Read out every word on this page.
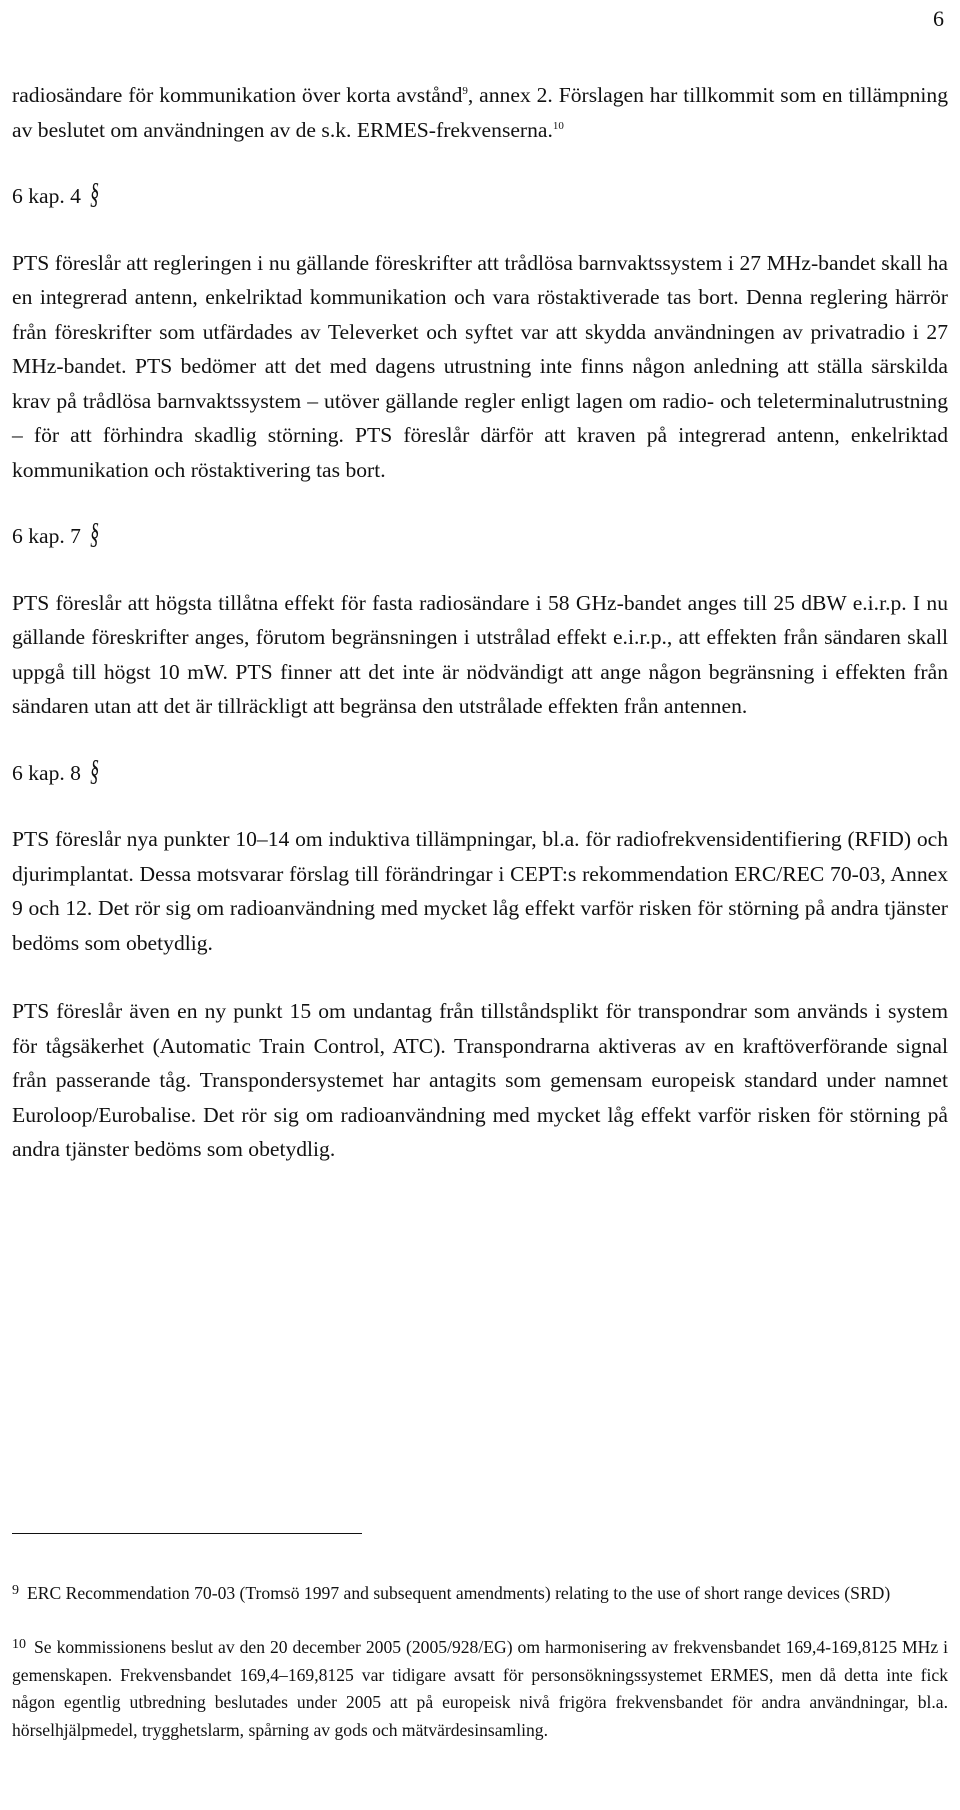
6

radiosändare för kommunikation över korta avstånd$^9$, annex 2. Förslagen har tillkommit som en tillämpning av beslutet om användningen av de s.k. ERMES-frekvenserna.$^{10}$

6 kap. 4 §

PTS föreslår att regleringen i nu gällande föreskrifter att trådlösa barnvaktssystem i 27 MHz-bandet skall ha en integrerad antenn, enkelriktad kommunikation och vara röstaktiverade tas bort. Denna reglering härrör från föreskrifter som utfärdades av Televerket och syftet var att skydda användningen av privatradio i 27 MHz-bandet. PTS bedömer att det med dagens utrustning inte finns någon anledning att ställa särskilda krav på trådlösa barnvaktssystem – utöver gällande regler enligt lagen om radio- och teleterminalutrustning – för att förhindra skadlig störning. PTS föreslår därför att kraven på integrerad antenn, enkelriktad kommunikation och röstaktivering tas bort.

6 kap. 7 §

PTS föreslår att högsta tillåtna effekt för fasta radiosändare i 58 GHz-bandet anges till 25 dBW e.i.r.p. I nu gällande föreskrifter anges, förutom begränsningen i utstrålad effekt e.i.r.p., att effekten från sändaren skall uppgå till högst 10 mW. PTS finner att det inte är nödvändigt att ange någon begränsning i effekten från sändaren utan att det är tillräckligt att begränsa den utstrålade effekten från antennen.

6 kap. 8 §

PTS föreslår nya punkter 10–14 om induktiva tillämpningar, bl.a. för radiofrekvensidentifiering (RFID) och djurimplantat. Dessa motsvarar förslag till förändringar i CEPT:s rekommendation ERC/REC 70-03, Annex 9 och 12. Det rör sig om radioanvändning med mycket låg effekt varför risken för störning på andra tjänster bedöms som obetydlig.

PTS föreslår även en ny punkt 15 om undantag från tillståndsplikt för transpondrar som används i system för tågsäkerhet (Automatic Train Control, ATC). Transpondrarna aktiveras av en kraftöverförande signal från passerande tåg. Transpondersystemet har antagits som gemensam europeisk standard under namnet Euroloop/Eurobalise. Det rör sig om radioanvändning med mycket låg effekt varför risken för störning på andra tjänster bedöms som obetydlig.

$^9$ ERC Recommendation 70-03 (Tromsö 1997 and subsequent amendments) relating to the use of short range devices (SRD)

$^{10}$ Se kommissionens beslut av den 20 december 2005 (2005/928/EG) om harmonisering av frekvensbandet 169,4-169,8125 MHz i gemenskapen. Frekvensbandet 169,4–169,8125 var tidigare avsatt för personsökningssystemet ERMES, men då detta inte fick någon egentlig utbredning beslutades under 2005 att på europeisk nivå frigöra frekvensbandet för andra användningar, bl.a. hörselhjälpmedel, trygghetslarm, spårning av gods och mätvärdesinsamling.
